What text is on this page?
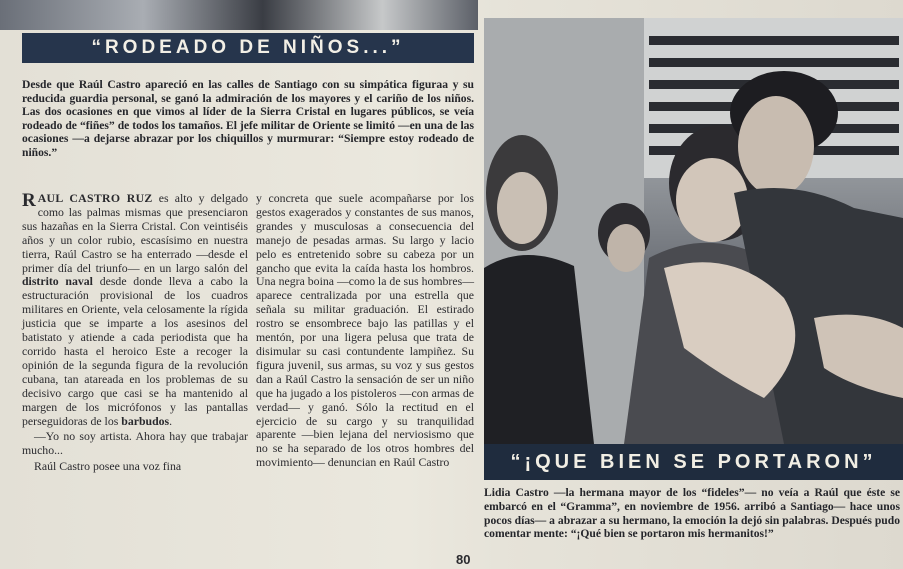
“RODEADO DE NIÑOS...”
Desde que Raúl Castro apareció en las calles de Santiago con su simpática figuraa y su reducida guardia personal, se ganó la admiración de los mayores y el cariño de los niños. Las dos ocasiones en que vimos al líder de la Sierra Cristal en lugares públicos, se veía rodeado de “fiñes” de todos los tamaños. El jefe militar de Oriente se limitó —en una de las ocasiones —a dejarse abrazar por los chiquillos y murmurar: “Siempre estoy rodeado de niños.”

RAUL CASTRO RUZ es alto y delgado como las palmas mismas que presenciaron sus hazañas en la Sierra Cristal. Con veintiséis años y un color rubio, escasísimo en nuestra tierra, Raúl Castro se ha enterrado —desde el primer día del triunfo— en un largo salón del distrito naval desde donde lleva a cabo la estructuración provisional de los cuadros militares en Oriente, vela celosamente la rígida justicia que se imparte a los asesinos del batistato y atiende a cada periodista que ha corrido hasta el heroico Este a recoger la opinión de la segunda figura de la revolución cubana, tan atareada en los problemas de su decisivo cargo que casi se ha mantenido al margen de los micrófonos y las pantallas perseguidoras de los barbudos.

—Yo no soy artista. Ahora hay que trabajar mucho...

Raúl Castro posee una voz fina

y concreta que suele acompañarse por los gestos exagerados y constantes de sus manos, grandes y musculosas a consecuencia del manejo de pesadas armas. Su largo y lacio pelo es entretenido sobre su cabeza por un gancho que evita la caída hasta los hombros. Una negra boina —como la de sus hombres— aparece centralizada por una estrella que señala su militar graduación. El estirado rostro se ensombrece bajo las patillas y el mentón, por una ligera pelusa que trata de disimular su casi contundente lampiñez. Su figura juvenil, sus armas, su voz y sus gestos dan a Raúl Castro la sensación de ser un niño que ha jugado a los pistoleros —con armas de verdad— y ganó. Sólo la rectitud en el ejercicio de su cargo y su tranquilidad aparente —bien lejana del nerviosismo que no se ha separado de los otros hombres del movimiento— denuncian en Raúl Castro
80
“¡QUE BIEN SE PORTARON”
Lidia Castro —la hermana mayor de los “fideles”— no veía a Raúl que éste se embarcó en el “Gramma”, en noviembre de 1956. arribó a Santiago— hace unos pocos días— a abrazar a su hermano, la emoción la dejó sin palabras. Después pudo comentar mente: “¡Qué bien se portaron mis hermanitos!”
